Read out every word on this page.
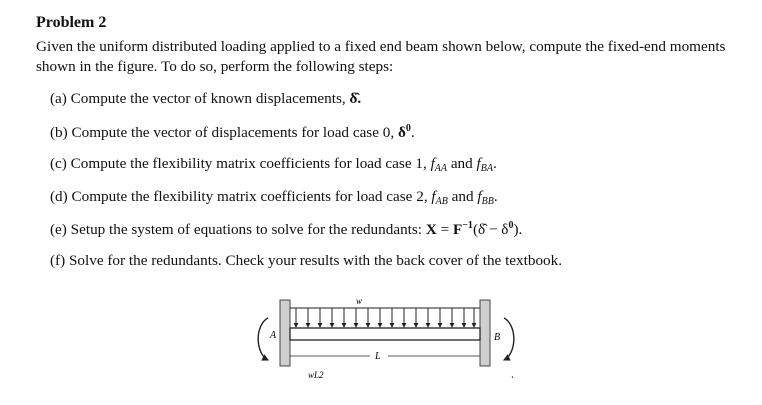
Problem 2
Given the uniform distributed loading applied to a fixed end beam shown below, compute the fixed-end moments shown in the figure. To do so, perform the following steps:
(a) Compute the vector of known displacements, δ̂.
(b) Compute the vector of displacements for load case 0, $\delta^0$.
(c) Compute the flexibility matrix coefficients for load case 1, $f_{AA}$ and $f_{BA}$.
(d) Compute the flexibility matrix coefficients for load case 2, $f_{AB}$ and $f_{BB}$.
(e) Setup the system of equations to solve for the redundants: $X = F^{-1}(\deltâ - \delta^0)$.
(f) Solve for the redundants. Check your results with the back cover of the textbook.
w
A	B
L
wL2
